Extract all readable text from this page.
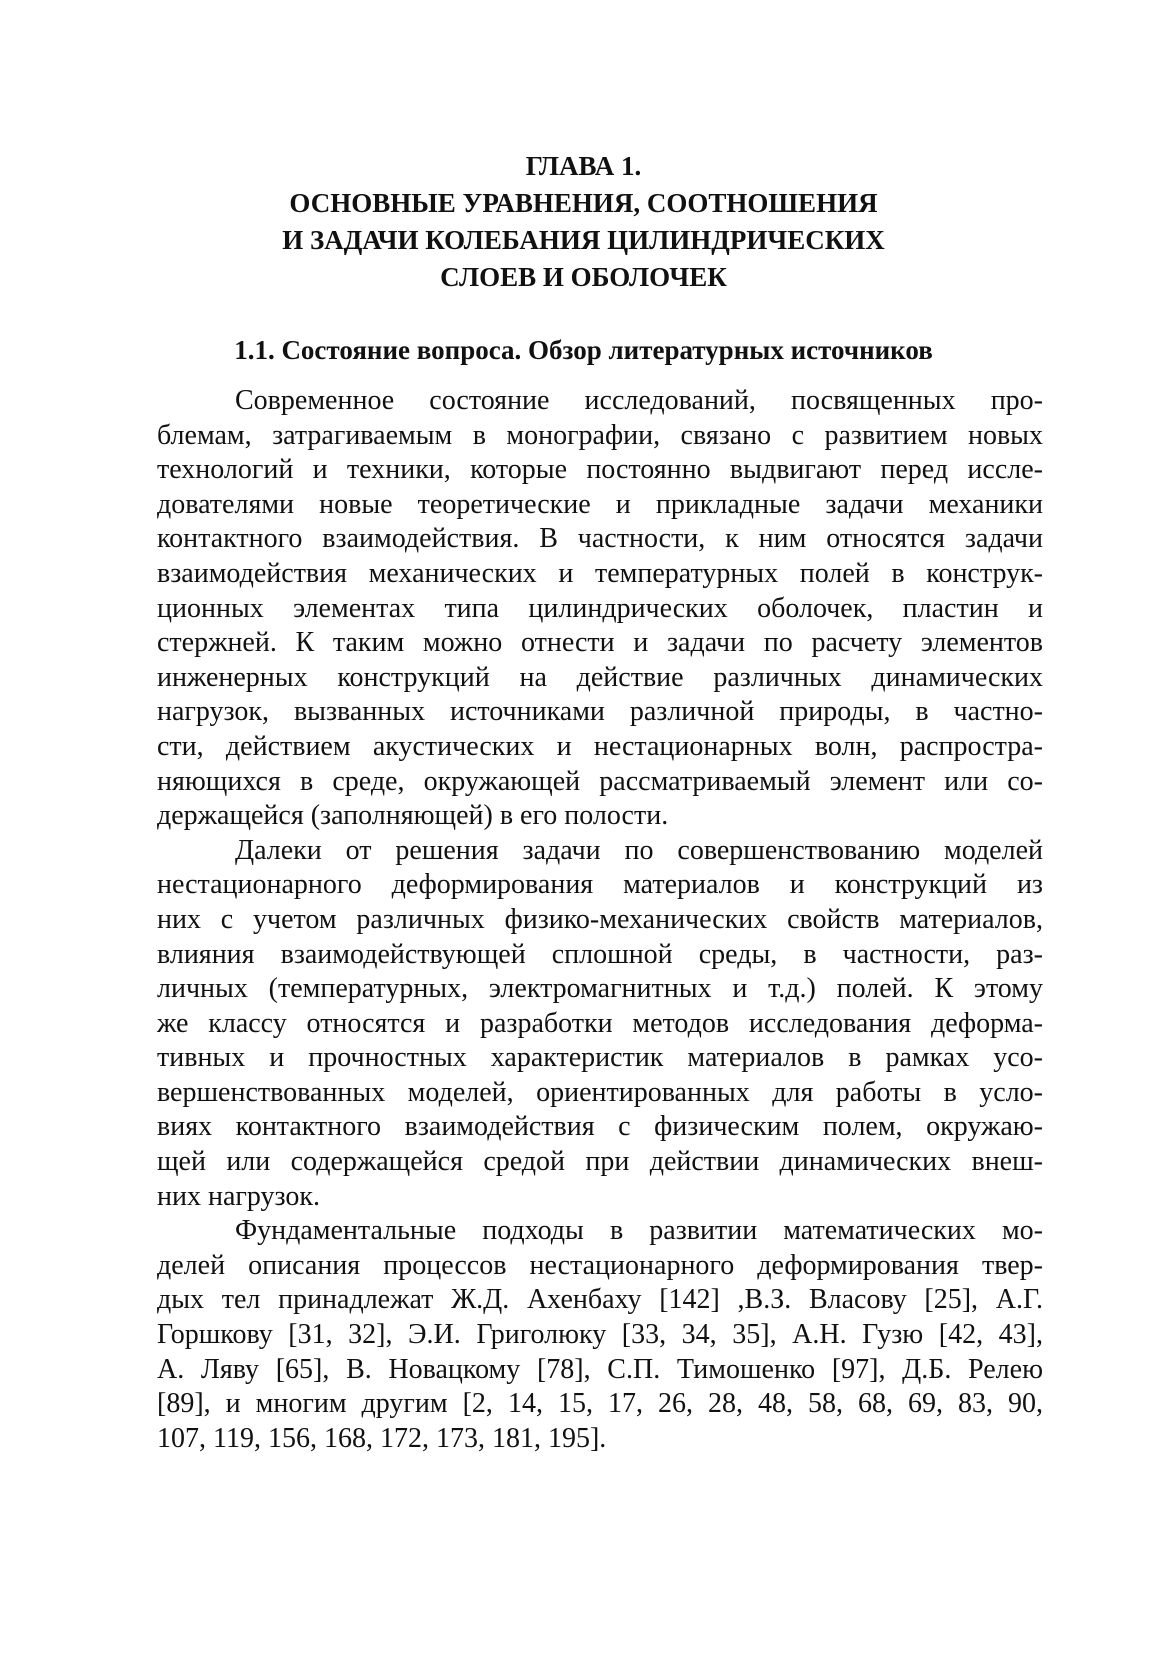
ГЛАВА 1.
ОСНОВНЫЕ УРАВНЕНИЯ, СООТНОШЕНИЯ
И ЗАДАЧИ КОЛЕБАНИЯ ЦИЛИНДРИЧЕСКИХ
СЛОЕВ И ОБОЛОЧЕК
1.1. Состояние вопроса. Обзор литературных источников

Современное состояние исследований, посвященных про-
блемам, затрагиваемым в монографии, связано с развитием новых
технологий и техники, которые постоянно выдвигают перед иссле-
дователями новые теоретические и прикладные задачи механики
контактного взаимодействия. В частности, к ним относятся задачи
взаимодействия механических и температурных полей в конструк-
ционных элементах типа цилиндрических оболочек, пластин и
стержней. К таким можно отнести и задачи по расчету элементов
инженерных конструкций на действие различных динамических
нагрузок, вызванных источниками различной природы, в частно-
сти, действием акустических и нестационарных волн, распростра-
няющихся в среде, окружающей рассматриваемый элемент или со-
держащейся (заполняющей) в его полости.

Далеки от решения задачи по совершенствованию моделей
нестационарного деформирования материалов и конструкций из
них с учетом различных физико-механических свойств материалов,
влияния взаимодействующей сплошной среды, в частности, раз-
личных (температурных, электромагнитных и т.д.) полей. К этому
же классу относятся и разработки методов исследования деформа-
тивных и прочностных характеристик материалов в рамках усо-
вершенствованных моделей, ориентированных для работы в усло-
виях контактного взаимодействия с физическим полем, окружаю-
щей или содержащейся средой при действии динамических внеш-
них нагрузок.

Фундаментальные подходы в развитии математических мо-
делей описания процессов нестационарного деформирования твер-
дых тел принадлежат Ж.Д. Ахенбаху [142] ,В.З. Власову [25], А.Г.
Горшкову [31, 32], Э.И. Григолюку [33, 34, 35], А.Н. Гузю [42, 43],
А. Ляву [65], В. Новацкому [78], С.П. Тимошенко [97], Д.Б. Релею
[89], и многим другим [2, 14, 15, 17, 26, 28, 48, 58, 68, 69, 83, 90,
107, 119, 156, 168, 172, 173, 181, 195].
